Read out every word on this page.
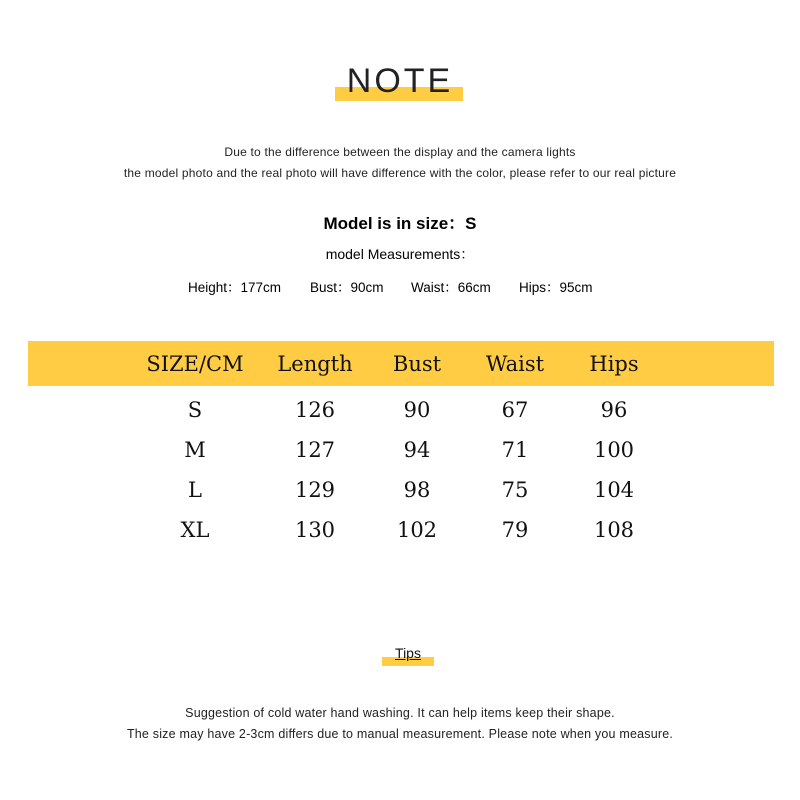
NOTE
Due to the difference between the display and the camera lights
the model photo and the real photo will have difference with the color, please refer to our real picture
Model is in size：S
model Measurements：
Height：177cm Bust：90cm Waist：66cm Hips：95cm
SIZE/CM	Length	Bust	Waist	Hips
S	126	90	67	96
M	127	94	71	100
L	129	98	75	104
XL	130	102	79	108
Tips
Suggestion of cold water hand washing. It can help items keep their shape.
The size may have 2-3cm differs due to manual measurement. Please note when you measure.
